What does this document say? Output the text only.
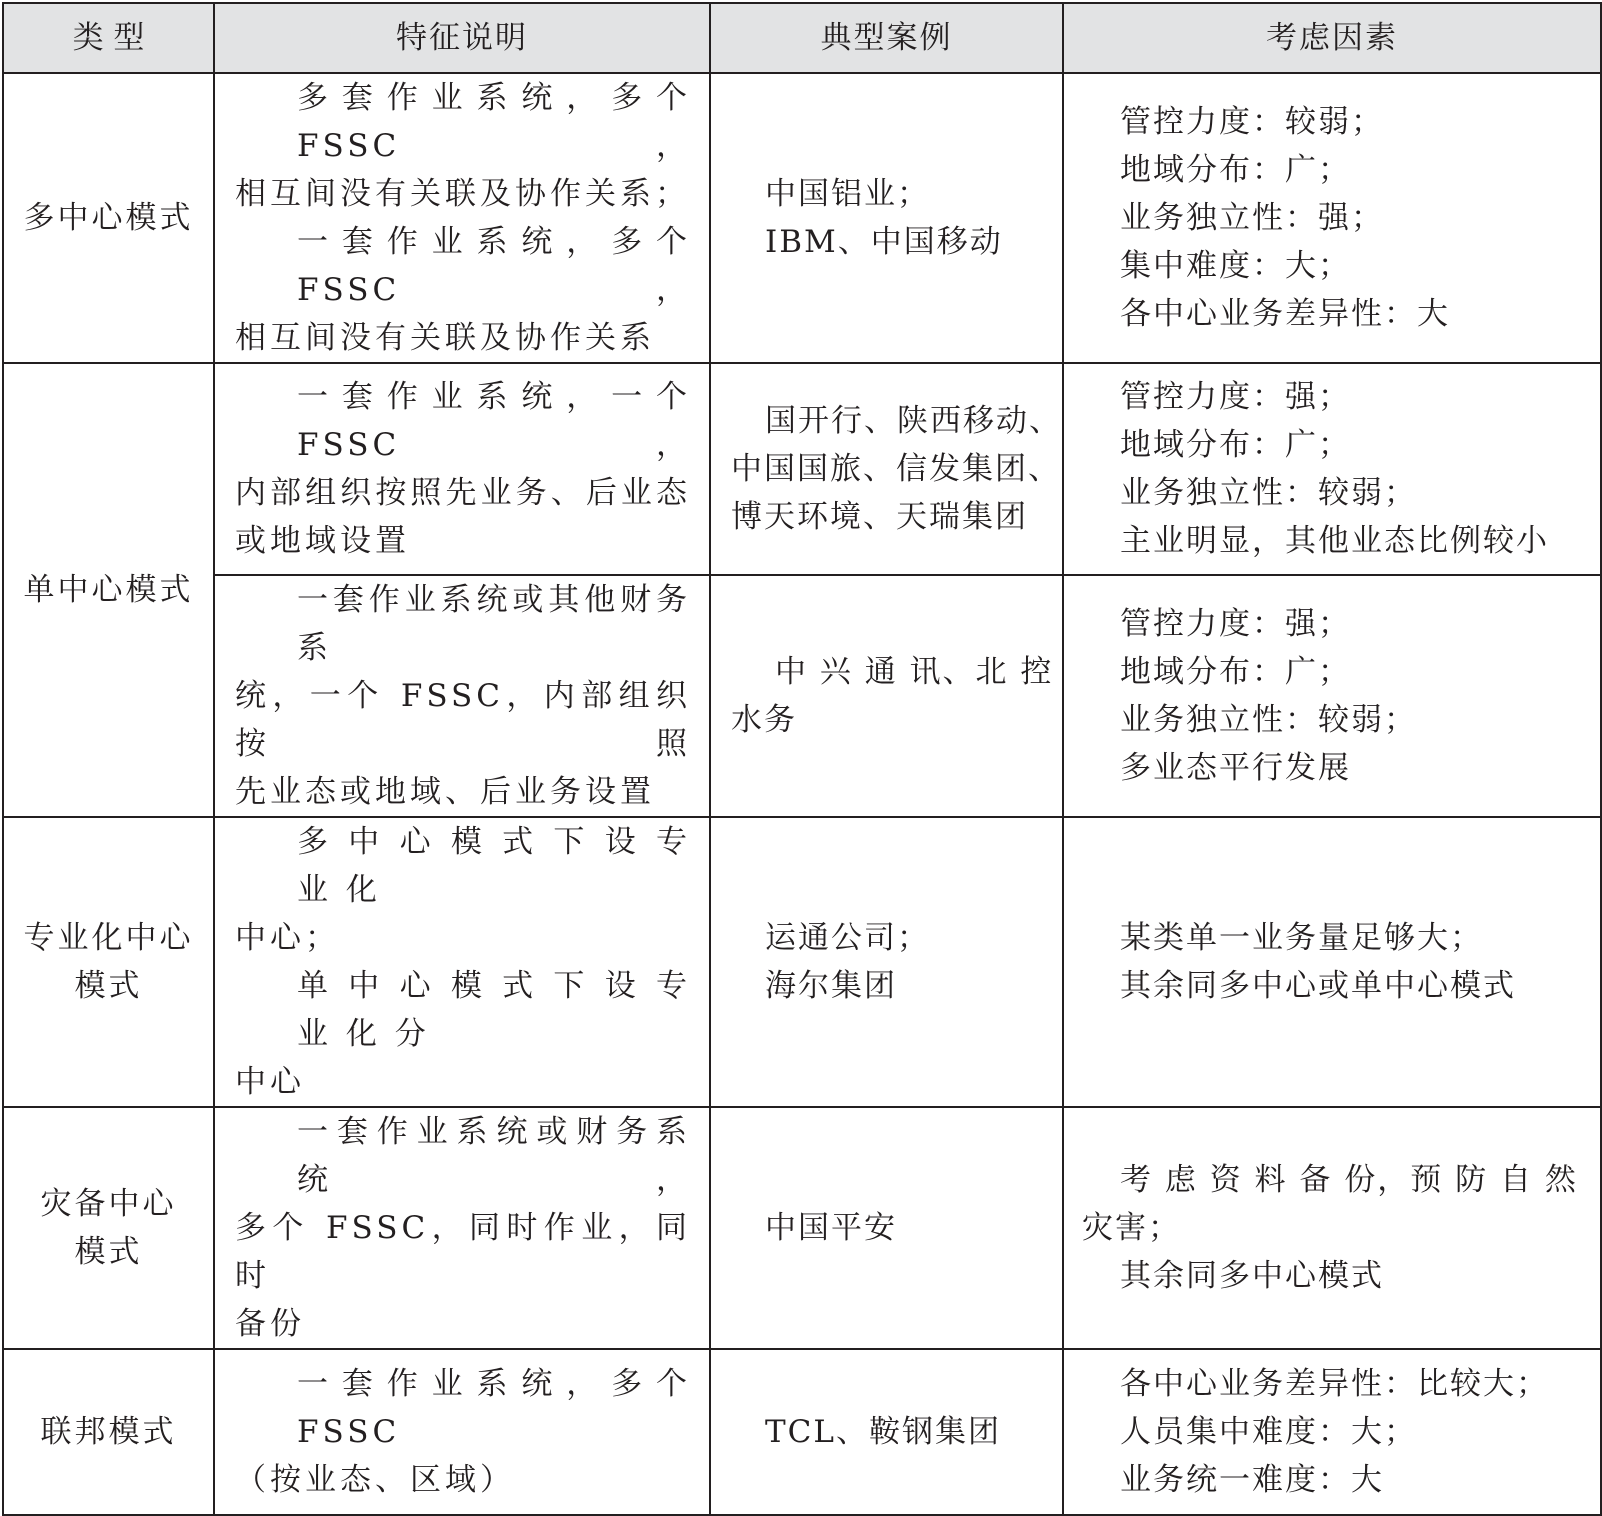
类 型	特征说明	典型案例	考虑因素
多中心模式	多套作业系统，多个 FSSC，
相互间没有关联及协作关系；
一套作业系统，多个 FSSC，
相互间没有关联及协作关系	中国铝业；
IBM、中国移动	管控力度：较弱；
地域分布：广；
业务独立性：强；
集中难度：大；
各中心业务差异性：大

单中心模式	一套作业系统，一个 FSSC，
内部组织按照先业务、后业态
或地域设置	国开行、陕西移动、
中国国旅、信发集团、
博天环境、天瑞集团	管控力度：强；
地域分布：广；
业务独立性：较弱；
主业明显，其他业态比例较小

	一套作业系统或其他财务系
统，一个 FSSC，内部组织按照
先业态或地域、后业务设置	中 兴 通 讯、北 控
水务	管控力度：强；
地域分布：广；
业务独立性：较弱；
多业态平行发展

专业化中心
模式	多 中 心 模 式 下 设 专 业 化
中心；
单 中 心 模 式 下 设 专 业 化 分
中心	运通公司；
海尔集团	某类单一业务量足够大；
其余同多中心或单中心模式

灾备中心
模式	一套作业系统或财务系统，
多个 FSSC，同时作业，同时
备份	中国平安	考 虑 资 料 备 份，预 防 自 然
灾害；
其余同多中心模式

联邦模式	一套作业系统，多个 FSSC
（按业态、区域）	TCL、鞍钢集团	各中心业务差异性：比较大；
人员集中难度：大；
业务统一难度：大
